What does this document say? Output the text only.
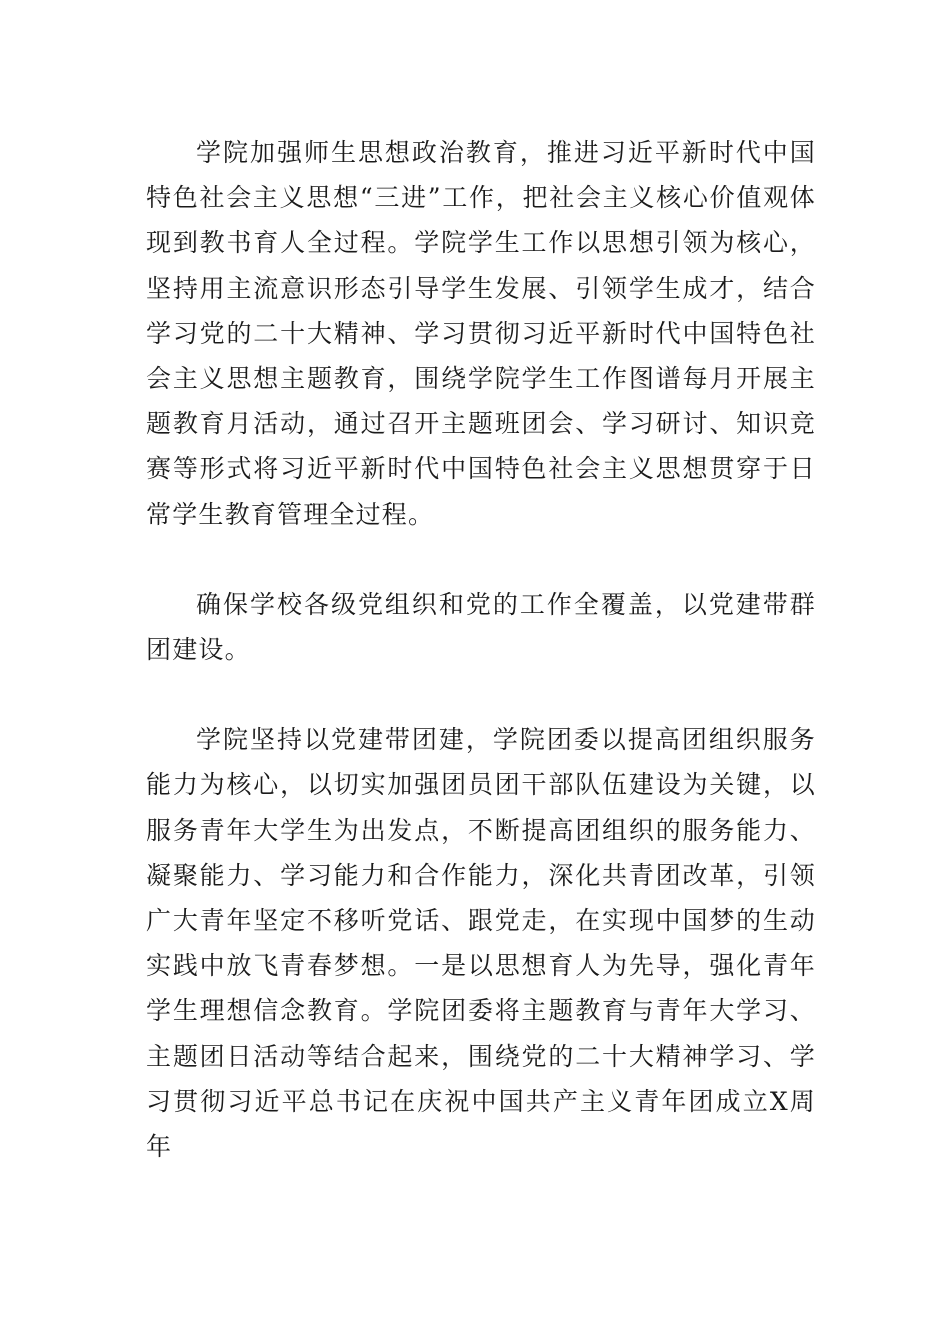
学院加强师生思想政治教育，推进习近平新时代中国特色社会主义思想“三进”工作，把社会主义核心价值观体现到教书育人全过程。学院学生工作以思想引领为核心，坚持用主流意识形态引导学生发展、引领学生成才，结合学习党的二十大精神、学习贯彻习近平新时代中国特色社会主义思想主题教育，围绕学院学生工作图谱每月开展主题教育月活动，通过召开主题班团会、学习研讨、知识竞赛等形式将习近平新时代中国特色社会主义思想贯穿于日常学生教育管理全过程。

确保学校各级党组织和党的工作全覆盖，以党建带群团建设。

学院坚持以党建带团建，学院团委以提高团组织服务能力为核心，以切实加强团员团干部队伍建设为关键，以服务青年大学生为出发点，不断提高团组织的服务能力、凝聚能力、学习能力和合作能力，深化共青团改革，引领广大青年坚定不移听党话、跟党走，在实现中国梦的生动实践中放飞青春梦想。一是以思想育人为先导，强化青年学生理想信念教育。学院团委将主题教育与青年大学习、主题团日活动等结合起来，围绕党的二十大精神学习、学习贯彻习近平总书记在庆祝中国共产主义青年团成立X周年
